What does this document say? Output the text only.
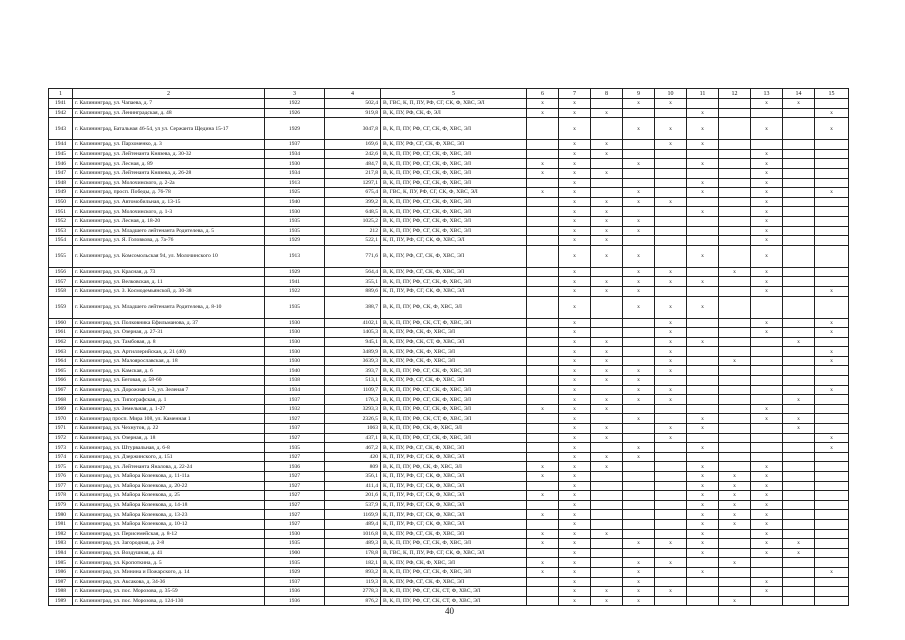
1	2	3	4	5	6	7	8	9	10	11	12	13	14	15
1941	г. Калининград, ул. Чапаева, д. 7	1922	502,4	В, ГВС, К, П, ПУ, РФ, СГ, СК, Ф, ХВС, ЭЛ	х	х		х	х			х	х	
1942	г. Калининград, ул. Ленинградская, д. 48	1926	919,8	В, К, ПУ, РФ, СК, Ф, ЭЛ	х	х	х			х				х
1943	г. Калининград, Батальная 46-54, ул ул. Сержанта Щедина 15-17	1929	3047,8	В, К, П, ПУ, РФ, СГ, СК, Ф, ХВС, ЭЛ		х		х	х	х		х		х
1944	г. Калининград, ул. Пархоменко, д. 3	1937	169,6	В, К, ПУ, РФ, СГ, СК, Ф, ХВС, ЭЛ		х	х		х	х				
1945	г. Калининград, ул. Лейтенанта Князева, д. 30-32	1934	242,6	В, К, П, ПУ, РФ, СГ, СК, Ф, ХВС, ЭЛ		х	х					х		
1946	г. Калининград, ул. Лесная, д. 89	1930	484,7	В, К, П, ПУ, РФ, СГ, СК, Ф, ХВС, ЭЛ	х	х		х		х		х		
1947	г. Калининград, ул. Лейтенанта Князева, д. 26-28	1934	217,8	В, К, П, ПУ, РФ, СГ, СК, Ф, ХВС, ЭЛ	х	х	х					х		
1948	г. Калининград, ул. Молочинского, д. 2-2а	1913	1297,1	В, К, П, ПУ, РФ, СГ, СК, Ф, ХВС, ЭЛ		х				х		х		
1949	г. Калининград, просп. Победы, д. 76-78	1925	675,4	В, ГВС, К, ПУ, РФ, СГ, СК, Ф, ХВС, ЭЛ	х	х		х		х		х		х
1950	г. Калининград, ул. Автомобильная, д. 13-15	1940	399,2	В, К, П, ПУ, РФ, СГ, СК, Ф, ХВС, ЭЛ		х	х	х	х			х		
1951	г. Калининград, ул. Молочинского, д. 1-3	1930	648,5	В, К, П, ПУ, РФ, СГ, СК, Ф, ХВС, ЭЛ		х	х			х		х		
1952	г. Калининград, ул. Лесная, д. 18-20	1935	1025,2	В, К, П, ПУ, РФ, СГ, СК, Ф, ХВС, ЭЛ		х	х	х				х		
1953	г. Калининград, ул. Младшего лейтенанта Родителева, д. 5	1935	212	В, К, П, ПУ, РФ, СГ, СК, Ф, ХВС, ЭЛ		х	х	х				х		
1954	г. Калининград, ул. Я. Головкова, д. 7а-76	1929	522,1	К, П, ПУ, РФ, СГ, СК, Ф, ХВС, ЭЛ		х	х					х		
1955	г. Калининград, ул. Комсомольская 94, ул. Молочинского 10	1913	771,6	В, К, ПУ, РФ, СГ, СК, Ф, ХВС, ЭЛ		х	х	х		х		х		
1956	г. Калининград, ул. Красная, д. 73	1929	564,4	В, К, ПУ, РФ, СГ, СК, Ф, ХВС, ЭЛ		х		х	х		х	х		
1957	г. Калининград, ул. Велковская, д. 11	1941	355,1	В, К, П, ПУ, РФ, СГ, СК, Ф, ХВС, ЭЛ		х	х	х	х	х		х		
1958	г. Калининград, ул. З. Космодемьянской, д. 30-38	1922	889,6	К, П, ПУ, РФ, СГ, СК, Ф, ХВС, ЭЛ		х	х	х				х		х
1959	г. Калининград, ул. Младшего лейтенанта Родителева, д. 8-10	1935	388,7	В, К, П, ПУ, РФ, СК, Ф, ХВС, ЭЛ		х		х	х	х				
1960	г. Калининград, ул. Полковника Ефильманова, д. 37	1930	4102,1	В, К, П, ПУ, РФ, СК, СТ, Ф, ХВС, ЭЛ		х			х			х		х
1961	г. Калининград, ул. Озерная, д. 27-31	1930	1405,3	В, К, ПУ, РФ, СК, Ф, ХВС, ЭЛ		х			х			х		х
1962	г. Калининград, ул. Тамбовая, д. 8	1930	945,1	В, К, ПУ, РФ, СК, СТ, Ф, ХВС, ЭЛ		х	х		х	х			х	
1963	г. Калининград, ул. Артиллерийская, д. 21 (40)	1930	3489,9	В, К, ПУ, РФ, СК, Ф, ХВС, ЭЛ		х	х		х					х
1964	г. Калининград, ул. Малоярославская, д. 18	1930	3639,3	В, К, ПУ, РФ, СК, Ф, ХВС, ЭЛ		х	х		х		х			х
1965	г. Калининград, ул. Камская, д. 6	1940	393,7	В, К, П, ПУ, РФ, СГ, СК, Ф, ХВС, ЭЛ		х	х	х	х					
1966	г. Калининград, ул. Беговая, д. 58-60	1938	513,1	В, К, ПУ, РФ, СГ, СК, Ф, ХВС, ЭЛ		х	х	х						
1967	г. Калининград, ул. Дорожная 1-3, ул. Зеленая 7	1934	1109,7	В, К, П, ПУ, РФ, СГ, СК, Ф, ХВС, ЭЛ		х		х	х					х
1968	г. Калининград, ул. Типографская, д. 1	1937	176,3	В, К, П, ПУ, РФ, СГ, СК, Ф, ХВС, ЭЛ		х	х	х	х				х	
1969	г. Калининград, ул. Земельная, д. 1-27	1932	3293,3	В, К, П, ПУ, РФ, СГ, СК, Ф, ХВС, ЭЛ	х	х	х					х		
1970	г. Калининград просп. Мира 108, ул. Каменная 1	1927	2326,5	В, К, П, ПУ, РФ, СК, СТ, Ф, ХВС, ЭЛ		х		х		х		х	х	
1971	г. Калининград, ул. Чехнутов, д. 22	1937	1063	В, К, П, ПУ, РФ, СК, Ф, ХВС, ЭЛ		х	х		х	х			х	
1972	г. Калининград, ул. Озерная, д. 18	1927	437,1	В, К, П, ПУ, РФ, СГ, СК, Ф, ХВС, ЭЛ		х	х		х					х
1973	г. Калининград, ул. Штурвальная, д. 6-8	1935	467,2	В, К, ПУ, РФ, СГ, СК, Ф, ХВС, ЭЛ		х		х		х				х
1974	г. Калининград, ул. Дзержинского, д. 151	1927	420	К, П, ПУ, РФ, СГ, СК, Ф, ХВС, ЭЛ		х	х	х						
1975	г. Калининград, ул. Лейтенанта Яналова, д. 22-24	1936	809	В, К, П, ПУ, РФ, СК, Ф, ХВС, ЭЛ	х	х	х			х		х		
1976	г. Калининград, ул. Майора Козенкова, д. 11-11а	1927	356,1	К, П, ПУ, РФ, СГ, СК, Ф, ХВС, ЭЛ	х	х				х	х	х		
1977	г. Калининград, ул. Майора Козенкова, д. 20-22	1927	411,4	К, П, ПУ, РФ, СГ, СК, Ф, ХВС, ЭЛ		х				х	х	х		
1978	г. Калининград, ул. Майора Козенкова, д. 25	1927	201,6	К, П, ПУ, РФ, СГ, СК, Ф, ХВС, ЭЛ	х	х				х	х	х		
1979	г. Калининград, ул. Майора Козенкова, д. 14-18	1927	537,9	К, П, ПУ, РФ, СГ, СК, Ф, ХВС, ЭЛ		х				х	х	х		
1980	г. Калининград, ул. Майора Козенкова, д. 13-23	1927	1169,9	К, П, ПУ, РФ, СГ, СК, Ф, ХВС, ЭЛ	х	х				х	х	х		
1981	г. Калининград, ул. Майора Козенкова, д. 10-12	1927	489,4	К, П, ПУ, РФ, СГ, СК, Ф, ХВС, ЭЛ		х				х	х	х		
1982	г. Калининград, ул. Перисемейская, д. 8-12	1930	1016,8	В, К, ПУ, РФ, СГ, СК, Ф, ХВС, ЭЛ	х	х	х			х		х		
1983	г. Калининград, ул. Загородная, д. 2-8	1935	489,3	В, К, П, ПУ, РФ, СГ, СК, Ф, ХВС, ЭЛ	х	х		х	х	х		х	х	
1984	г. Калининград, ул. Воздушная, д. 41	1900	178,8	В, ГВС, К, П, ПУ, РФ, СГ, СК, Ф, ХВС, ЭЛ		х				х		х	х	
1985	г. Калининград, ул. Кропоткина, д. 5	1935	182,1	В, К, ПУ, РФ, СК, Ф, ХВС, ЭЛ	х	х		х	х		х			
1986	г. Калининград, ул. Минина и Пожарского, д. 14	1929	893,2	В, К, П, ПУ, РФ, СГ, СК, Ф, ХВС, ЭЛ	х	х		х		х				х
1987	г. Калининград, ул. Аксакова, д. 34-36	1937	119,3	В, К, ПУ, РФ, СГ, СК, Ф, ХВС, ЭЛ		х		х				х		
1988	г. Калининград, ул. пос. Морозова, д. 35-59	1936	2778,3	В, К, П, ПУ, РФ, СГ, СК, СТ, Ф, ХВС, ЭЛ		х	х	х	х			х		
1989	г. Калининград, ул. пос. Морозова, д. 124-130	1936	876,2	В, К, П, ПУ, РФ, СГ, СК, СТ, Ф, ХВС, ЭЛ		х	х	х			х			
40
